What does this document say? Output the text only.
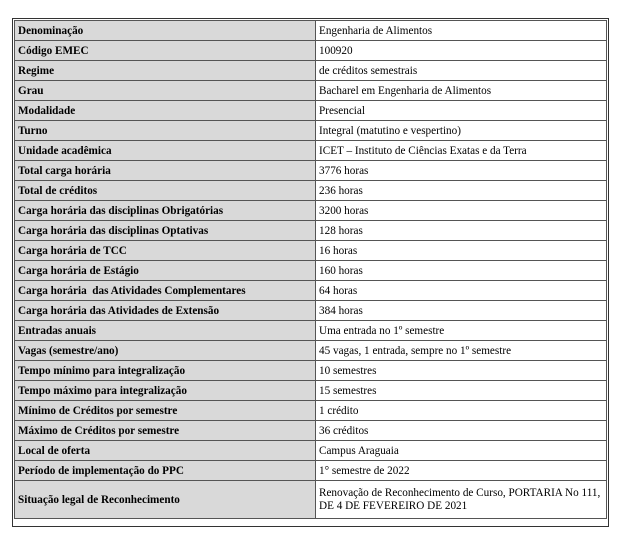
Denominação	Engenharia de Alimentos
Código EMEC	100920
Regime	de créditos semestrais
Grau	Bacharel em Engenharia de Alimentos
Modalidade	Presencial
Turno	Integral (matutino e vespertino)
Unidade acadêmica	ICET – Instituto de Ciências Exatas e da Terra
Total carga horária	3776 horas
Total de créditos	236 horas
Carga horária das disciplinas Obrigatórias	3200 horas
Carga horária das disciplinas Optativas	128 horas
Carga horária de TCC	16 horas
Carga horária de Estágio	160 horas
Carga horária  das Atividades Complementares	64 horas
Carga horária das Atividades de Extensão	384 horas
Entradas anuais	Uma entrada no 1º semestre
Vagas (semestre/ano)	45 vagas, 1 entrada, sempre no 1º semestre
Tempo mínimo para integralização	10 semestres
Tempo máximo para integralização	15 semestres
Mínimo de Créditos por semestre	1 crédito
Máximo de Créditos por semestre	36 créditos
Local de oferta	Campus Araguaia
Período de implementação do PPC	1° semestre de 2022
Situação legal de Reconhecimento	Renovação de Reconhecimento de Curso, PORTARIA No 111, DE 4 DE FEVEREIRO DE 2021
